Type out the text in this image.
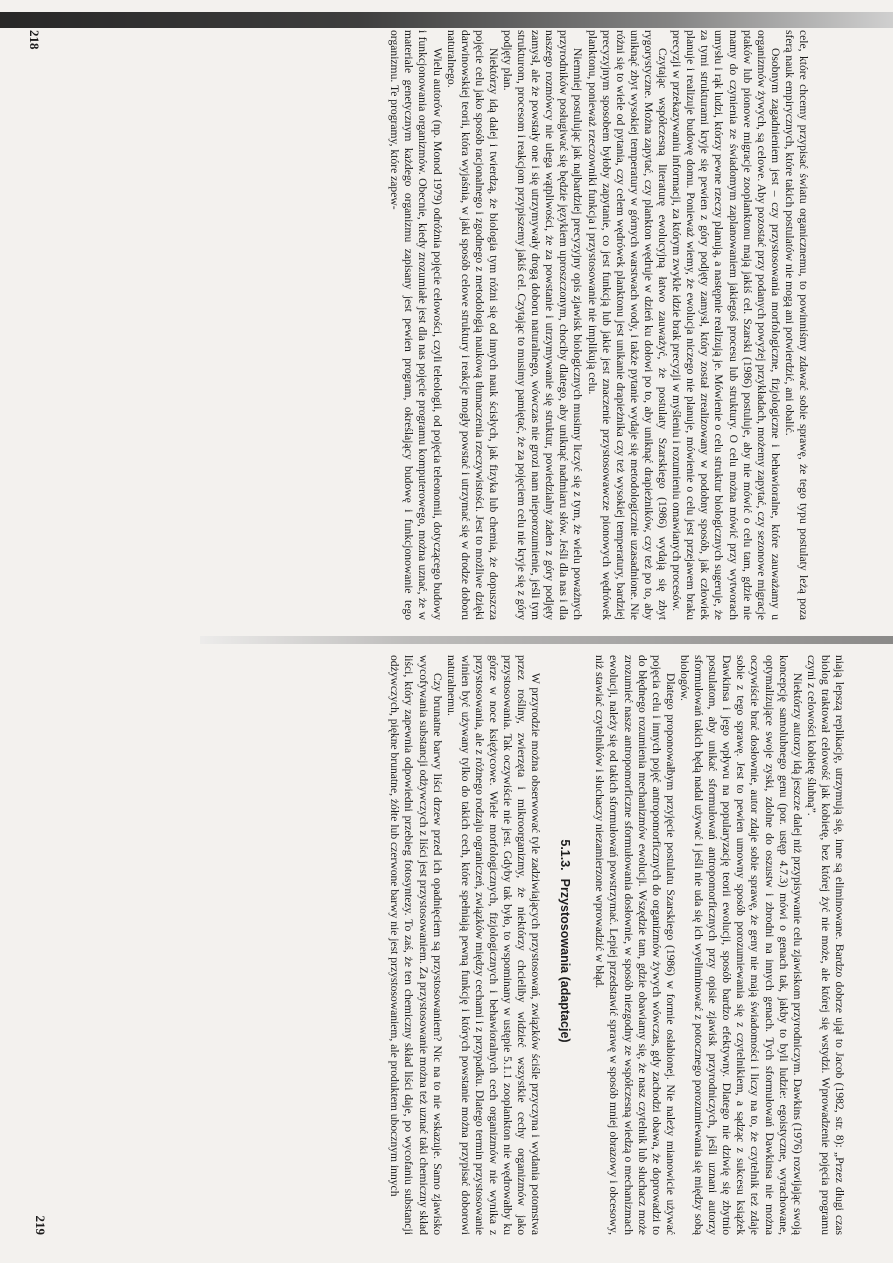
cele, które chcemy przypisać światu organicznemu, to powinniśmy zdawać sobie sprawę, że tego typu postulaty leżą poza sferą nauk empirycznych, które takich postulatów nie mogą ani potwierdzić, ani obalić.

Osobnym zagadnieniem jest – czy przystosowania morfologiczne, fizjologiczne i behawioralne, które zauważamy u organizmów żywych, są celowe. Aby pozostać przy podanych powyżej przykładach, możemy zapytać, czy sezonowe migracje ptaków lub pionowe migracje zooplanktonu mają jakiś cel. Szarski (1986) postuluje, aby nie mówić o celu tam, gdzie nie mamy do czynienia ze świadomym zaplanowaniem jakiegoś procesu lub struktury. O celu można mówić przy wytworach umysłu i rąk ludzi, którzy pewne rzeczy planują, a następnie realizują je. Mówienie o celu struktur biologicznych sugeruje, że za tymi strukturami kryje się pewien z góry podjęty zamysł, który został zrealizowany w podobny sposób, jak człowiek planuje i realizuje budowę domu. Ponieważ wiemy, że ewolucja niczego nie planuje, mówienie o celu jest przejawem braku precyzji w przekazywaniu informacji, za którym zwykle idzie brak precyzji w myśleniu i rozumieniu omawianych procesów.

Czytając współczesną literaturę ewolucyjną łatwo zauważyć, że postulaty Szarskiego (1986) wydają się zbyt rygorystyczne. Można zapytać, czy plankton wędruje w dzień ku dołowi po to, aby uniknąć drapieżników, czy też po to, aby uniknąć zbyt wysokiej temperatury w górnych warstwach wody, i także pytanie wydaje się metodologicznie uzasadnione. Nie różni się to wiele od pytania, czy celem wędrówek planktonu jest unikanie drapieżnika czy też wysokiej temperatury, bardziej precyzyjnym sposobem byłoby zapytanie, co jest funkcją lub jakie jest znaczenie przystosowawcze pionowych wędrówek planktonu, ponieważ rzeczowniki funkcja i przystosowanie nie implikują celu.

Niemniej postulując jak najbardziej precyzyjny opis zjawisk biologicznych musimy liczyć się z tym, że wielu poważnych przyrodników posługiwać się będzie językiem uproszczonym, chociby dlatego, aby uniknąć nadmiaru słów. Jeśli dla nas i dla naszego rozmówcy nie ulega wątpliwości, że za powstanie i utrzymywanie się struktur, powiedzialny żaden z góry podjęty zamysł, ale że powstały one i się utrzymywały drogą doboru naturalnego, wówczas nie grozi nam nieporozumienie, jeśli tym strukturom, procesom i reakcjom przypiszemy jakiś cel. Czytając to musimy pamiętać, że za pojęciem celu nie kryje się z góry podjęty plan.

Niektórzy idą dalej i twierdzą, że biologia tym różni się od innych nauk ścisłych, jak fizyka lub chemia, że dopuszcza pojęcie celu jako sposób racjonalnego i zgodnego z metodologią naukową tłumaczenia rzeczywistości. Jest to możliwe dzięki darwinowskiej teorii, która wyjaśnia, w jaki sposób celowe struktury i reakcje mogły powstać i utrzymać się w drodze doboru naturalnego.

Wielu autorów (np. Monod 1979) odróżnia pojęcie celowości, czyli teleologii, od pojęcia teleonomii, dotyczącego budowy i funkcjonowania organizmów. Obecnie, kiedy zrozumiałe jest dla nas pojęcie programu komputerowego, można uznać, że w materiale genetycznym każdego organizmu zapisany jest pewien program, określający budowę i funkcjonowanie tego organizmu. Te programy, które zapew-

218

niają lepszą replikację, utrzymują się, inne są eliminowane. Bardzo dobrze ujął to Jacob (1982, str. 8): „Przez długi czas biolog traktował celowość jak kobietę, bez której żyć nie może, ale której się wstydzi. Wprowadzenie pojęcia programu czyni z celowości kobietę ślubną”.

Niektórzy autorzy idą jeszcze dalej niż przypisywanie celu zjawiskom przyrodniczym. Dawkins (1976) rozwijając swoją koncepcję samolubnego genu (por. ustęp 4.7.3) mówi o genach tak, jakby to byli ludzie: egoistyczne, wyrachowane, optymalizujące swoje zyski, zdolne do oszustw i zbrodni na innych genach. Tych sformułowań Dawkinsa nie można oczywiście brać dosłownie, autor zdaje sobie sprawę, że geny nie mają świadomości i liczy na to, że czytelnik też zdaje sobie z tego sprawę. Jest to pewien umowny sposób porozumiewania się z czytelnikiem, a sądząc z sukcesu książek Dawkinsa i jego wpływu na popularyzację teorii ewolucji, sposób bardzo efektywny. Dlatego nie dziwię się zbytnio postulatom, aby unikać sformułowań antropomorficznych przy opisie zjawisk przyrodniczych, jeśli uznani autorzy sformułowań takich będą nadal używać i jeśli nie uda się ich wyeliminować z potocznego porozumiewania się między sobą biologów.

Dlatego proponowałbym przyjęcie postulatu Szarskiego (1986) w formie osłabionej. Nie należy mianowicie używać pojęcia celu i innych pojęć antropomorficznych do organizmów żywych wówczas, gdy zachodzi obawa, że doprowadzi to do błędnego rozumienia mechanizmów ewolucji. Wszędzie tam, gdzie obawiamy się, że nasz czytelnik lub słuchacz może zrozumieć nasze antropomorficzne sformułowania dosłownie, w sposób niezgodny ze współczesną wiedzą o mechanizmach ewolucji, należy się od takich sformułowań powstrzymać. Lepiej przedstawić sprawę w sposób mniej obrazowy i obcesowy, niż stawiać czytelników i słuchaczy niezamierzone wprowadzić w błąd.

5.1.3.Przystosowania (adaptacje)

W przyrodzie można obserwować tyle zadziwiających przystosowań, związków ściśle przyczyna i wydania potomstwa przez rośliny, zwierzęta i mikroorganizmy, że niektórzy chcieliby widzieć wszystkie cechy organizmów jako przystosowania. Tak oczywiście nie jest. Gdyby tak było, to wspominany w ustępie 5.1.1 zooplankton nie wędrowałby ku górze w noce księżycowe. Wiele morfologicznych, fizjologicznych i behawioralnych cech organizmów nie wynika z przystosowania, ale z różnego rodzaju ograniczeń, związków między cechami i z przypadku. Dlatego termin przystosowanie winien być używany tylko do takich cech, które spełniają pewną funkcję i których powstanie można przypisać doborowi naturalnemu.

Czy brunatne barwy liści drzew przed ich opadnięciem są przystosowaniem? Nic na to nie wskazuje. Samo zjawisko wycofywania substancji odżywczych z liści jest przystosowaniem. Za przystosowanie można też uznać taki chemiczny skład liści, który zapewnia odpowiedni przebieg fotosyntezy. To zaś, że ten chemiczny skład liści daje, po wycofaniu substancji odżywczych, piękne brunatne, żółte lub czerwone barwy nie jest przystosowaniem, ale produktem ubocznym innych

219
